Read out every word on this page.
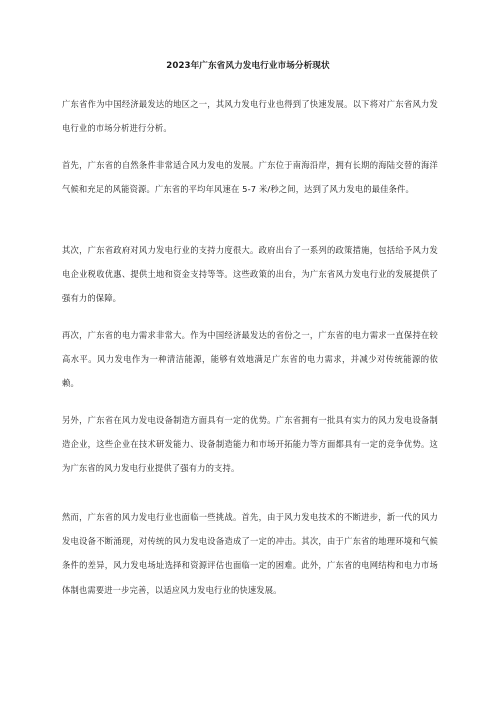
2023年广东省风力发电行业市场分析现状
广东省作为中国经济最发达的地区之一，其风力发电行业也得到了快速发展。以下将对广东省风力发电行业的市场分析进行分析。
首先，广东省的自然条件非常适合风力发电的发展。广东位于南海沿岸，拥有长期的海陆交替的海洋气候和充足的风能资源。广东省的平均年风速在 5-7 米/秒之间，达到了风力发电的最佳条件。
其次，广东省政府对风力发电行业的支持力度很大。政府出台了一系列的政策措施，包括给予风力发电企业税收优惠、提供土地和资金支持等等。这些政策的出台，为广东省风力发电行业的发展提供了强有力的保障。
再次，广东省的电力需求非常大。作为中国经济最发达的省份之一，广东省的电力需求一直保持在较高水平。风力发电作为一种清洁能源，能够有效地满足广东省的电力需求，并减少对传统能源的依赖。
另外，广东省在风力发电设备制造方面具有一定的优势。广东省拥有一批具有实力的风力发电设备制造企业，这些企业在技术研发能力、设备制造能力和市场开拓能力等方面都具有一定的竞争优势。这为广东省的风力发电行业提供了强有力的支持。
然而，广东省的风力发电行业也面临一些挑战。首先，由于风力发电技术的不断进步，新一代的风力发电设备不断涌现，对传统的风力发电设备造成了一定的冲击。其次，由于广东省的地理环境和气候条件的差异，风力发电场址选择和资源评估也面临一定的困难。此外，广东省的电网结构和电力市场体制也需要进一步完善，以适应风力发电行业的快速发展。
